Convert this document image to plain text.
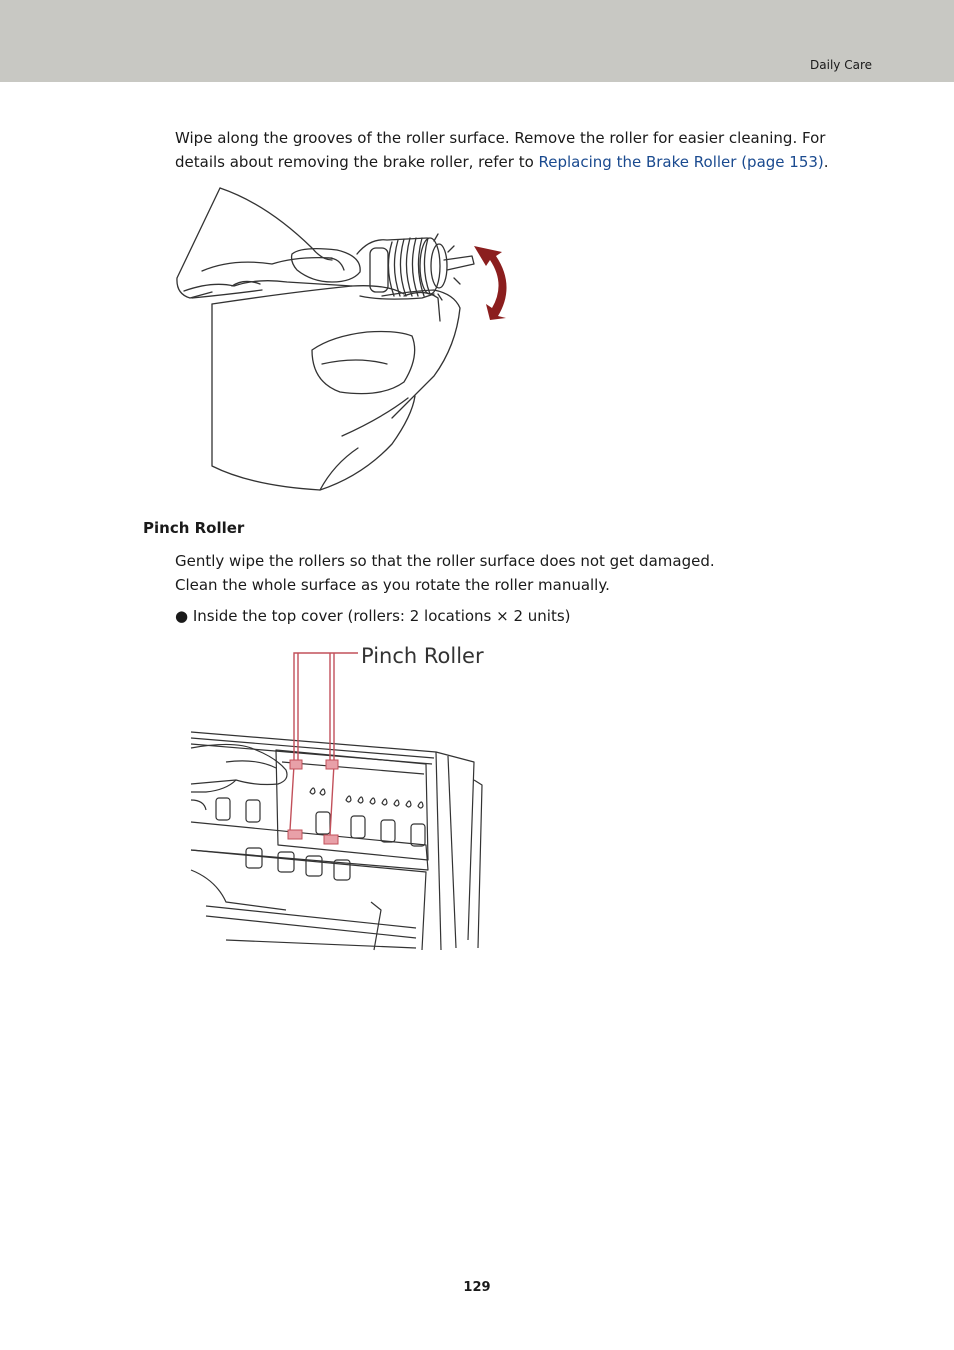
Daily Care
Wipe along the grooves of the roller surface. Remove the roller for easier cleaning. For details about removing the brake roller, refer to Replacing the Brake Roller (page 153).
Pinch Roller
Gently wipe the rollers so that the roller surface does not get damaged.
Clean the whole surface as you rotate the roller manually.
● Inside the top cover (rollers: 2 locations × 2 units)
Pinch Roller
129
